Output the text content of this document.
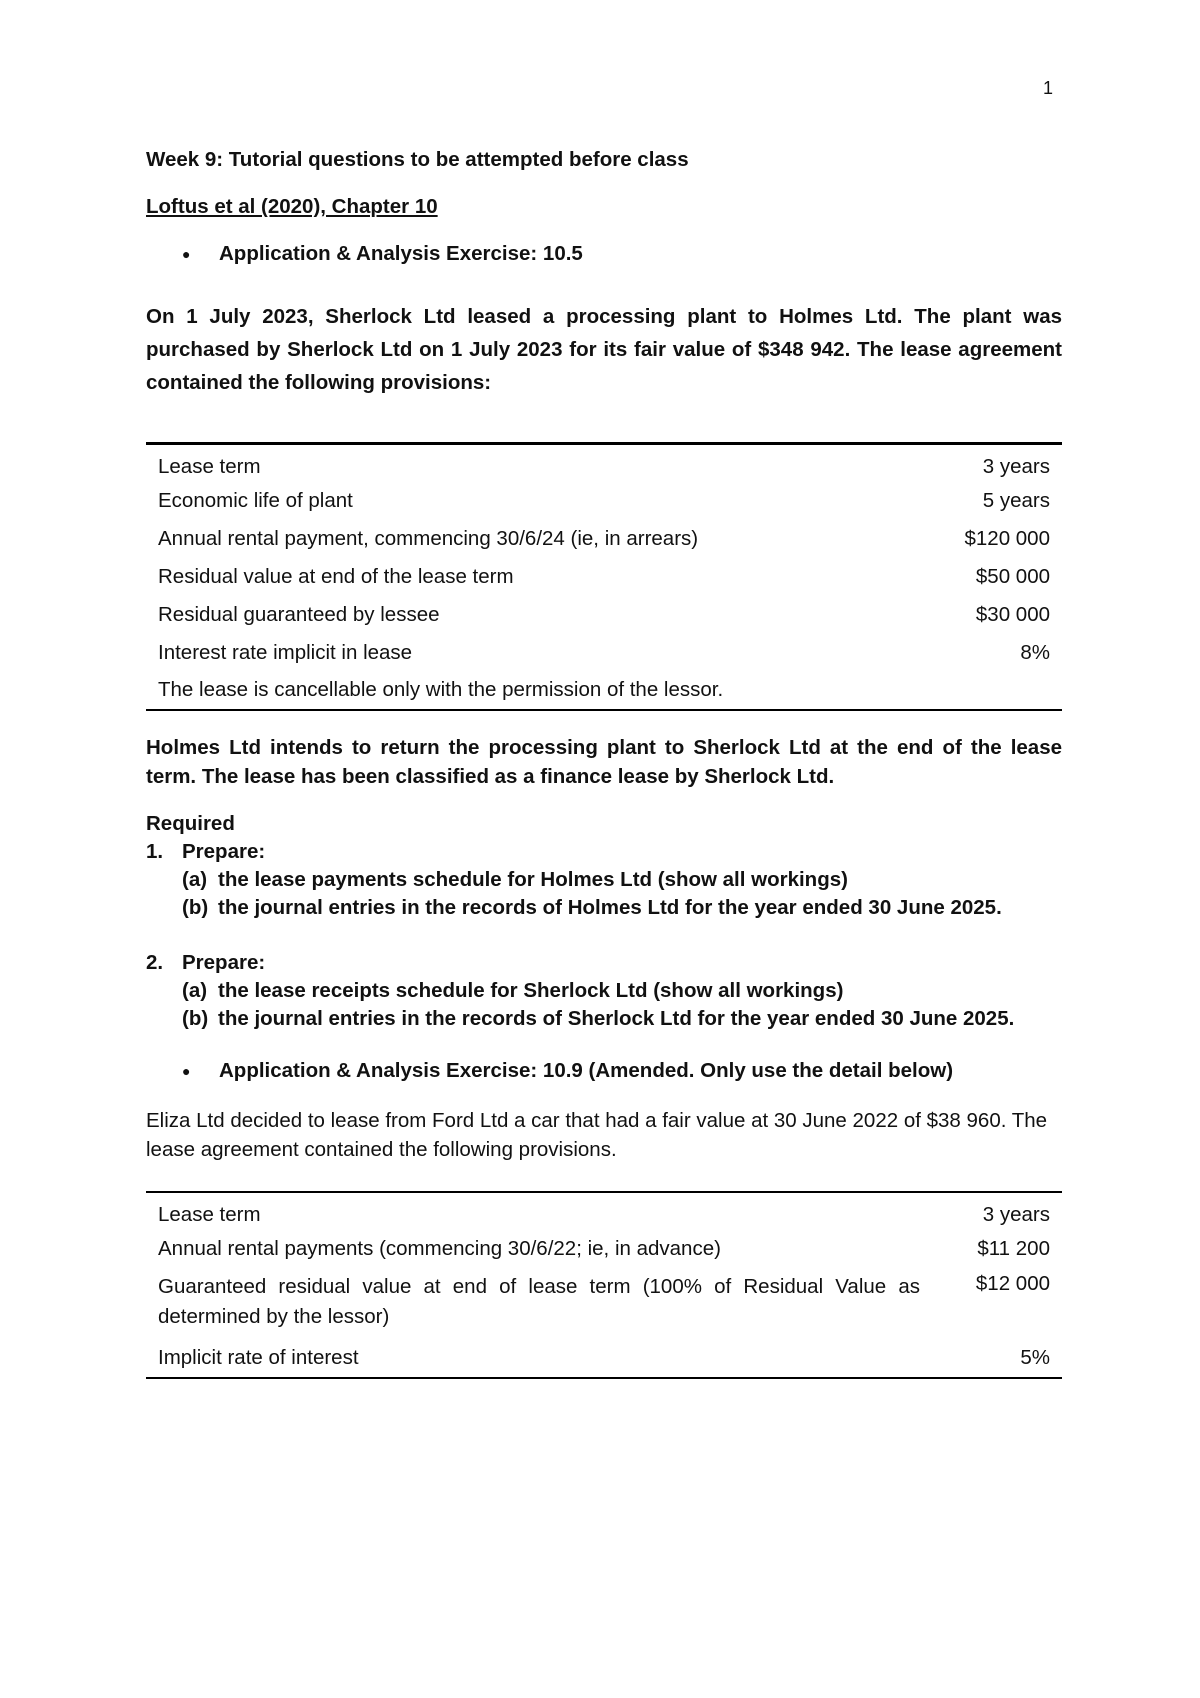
1

Week 9: Tutorial questions to be attempted before class

Loftus et al (2020), Chapter 10

●	Application & Analysis Exercise: 10.5

On 1 July 2023, Sherlock Ltd leased a processing plant to Holmes Ltd. The plant was purchased by Sherlock Ltd on 1 July 2023 for its fair value of $348 942. The lease agreement contained the following provisions:

Lease term	3 years
Economic life of plant	5 years
Annual rental payment, commencing 30/6/24 (ie, in arrears)	$120 000
Residual value at end of the lease term	$50 000
Residual guaranteed by lessee	$30 000
Interest rate implicit in lease	8%
The lease is cancellable only with the permission of the lessor.	

Holmes Ltd intends to return the processing plant to Sherlock Ltd at the end of the lease term. The lease has been classified as a finance lease by Sherlock Ltd.

Required
1. Prepare:
(a) the lease payments schedule for Holmes Ltd (show all workings)
(b) the journal entries in the records of Holmes Ltd for the year ended 30 June 2025.
2. Prepare:
(a) the lease receipts schedule for Sherlock Ltd (show all workings)
(b) the journal entries in the records of Sherlock Ltd for the year ended 30 June 2025.
●	Application & Analysis Exercise: 10.9 (Amended. Only use the detail below)

Eliza Ltd decided to lease from Ford Ltd a car that had a fair value at 30 June 2022 of $38 960. The lease agreement contained the following provisions.

Lease term	3 years
Annual rental payments (commencing 30/6/22; ie, in advance)	$11 200
Guaranteed residual value at end of lease term (100% of Residual Value as determined by the lessor)	$12 000
Implicit rate of interest	5%
